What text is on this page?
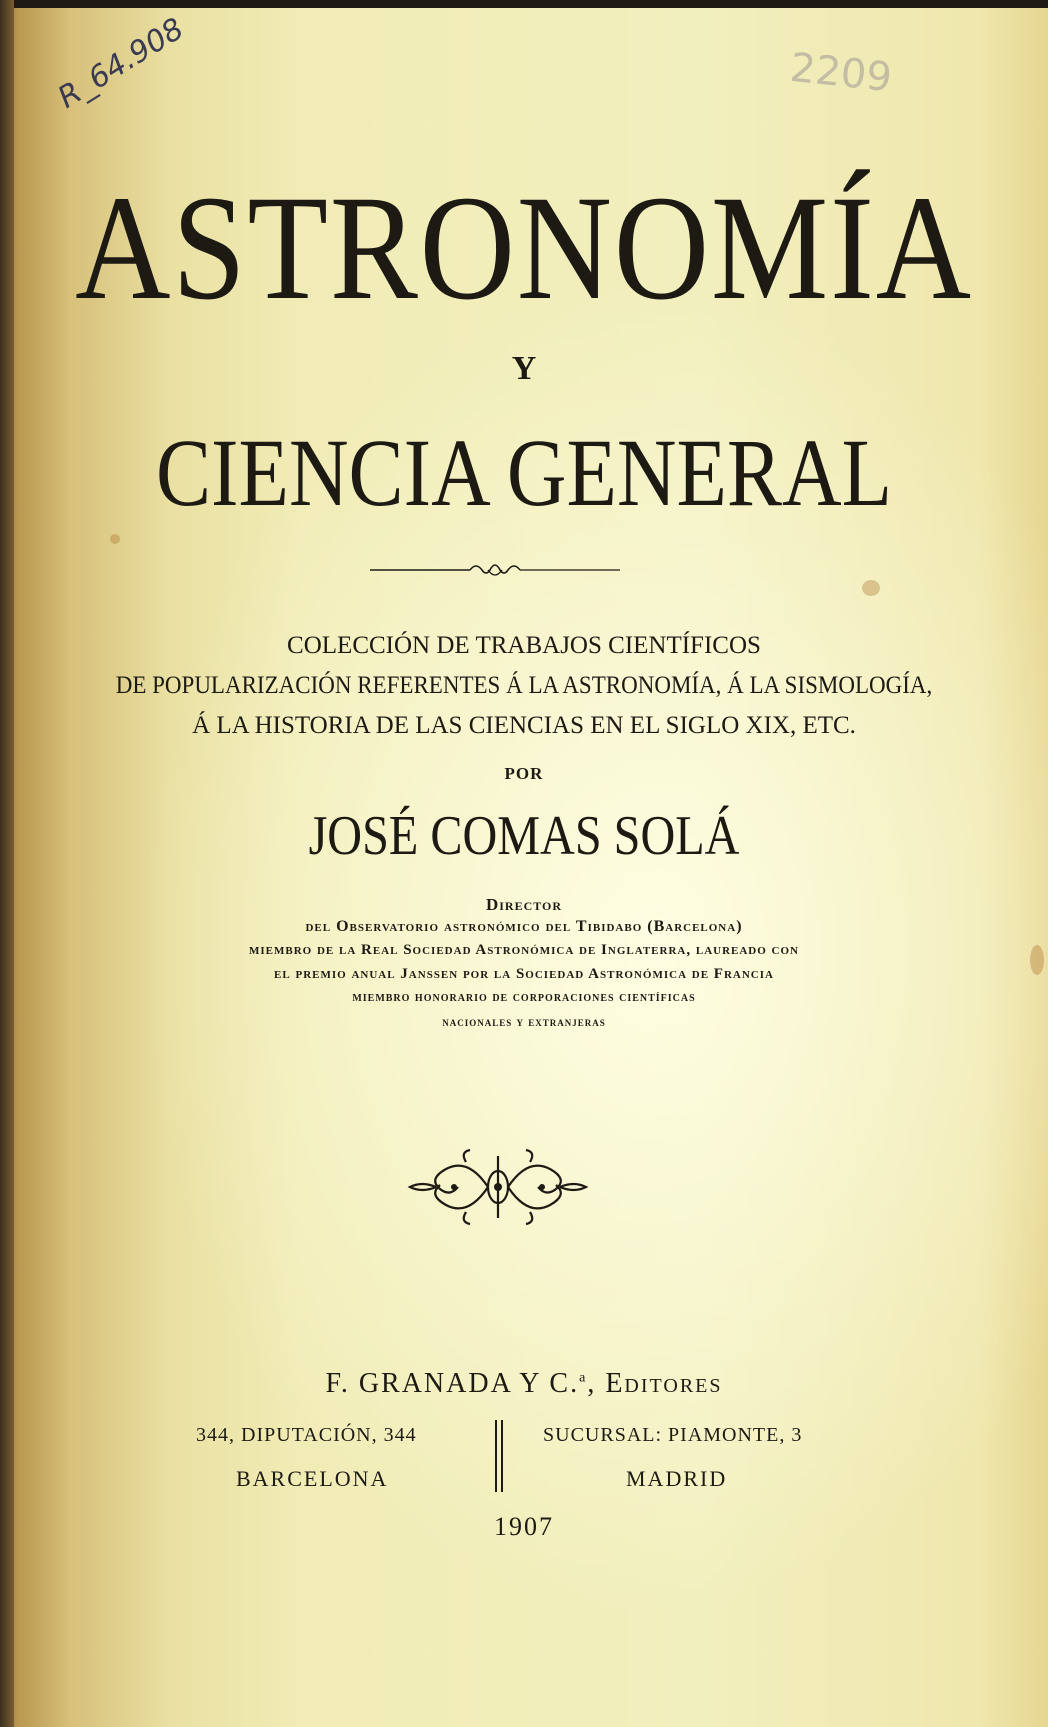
R_64.908	2209
ASTRONOMÍA
Y
CIENCIA GENERAL
COLECCIÓN DE TRABAJOS CIENTÍFICOS
DE POPULARIZACIÓN REFERENTES Á LA ASTRONOMÍA, Á LA SISMOLOGÍA,
Á LA HISTORIA DE LAS CIENCIAS EN EL SIGLO XIX, ETC.
POR
JOSÉ COMAS SOLÁ
Director
del Observatorio astronómico del Tibidabo (Barcelona)
miembro de la Real Sociedad Astronómica de Inglaterra, laureado con
el premio anual Janssen por la Sociedad Astronómica de Francia
miembro honorario de corporaciones científicas
nacionales y extranjeras
F. GRANADA Y C.$^a$, Editores
344, DIPUTACIÓN, 344
BARCELONA
SUCURSAL: PIAMONTE, 3
MADRID
1907
